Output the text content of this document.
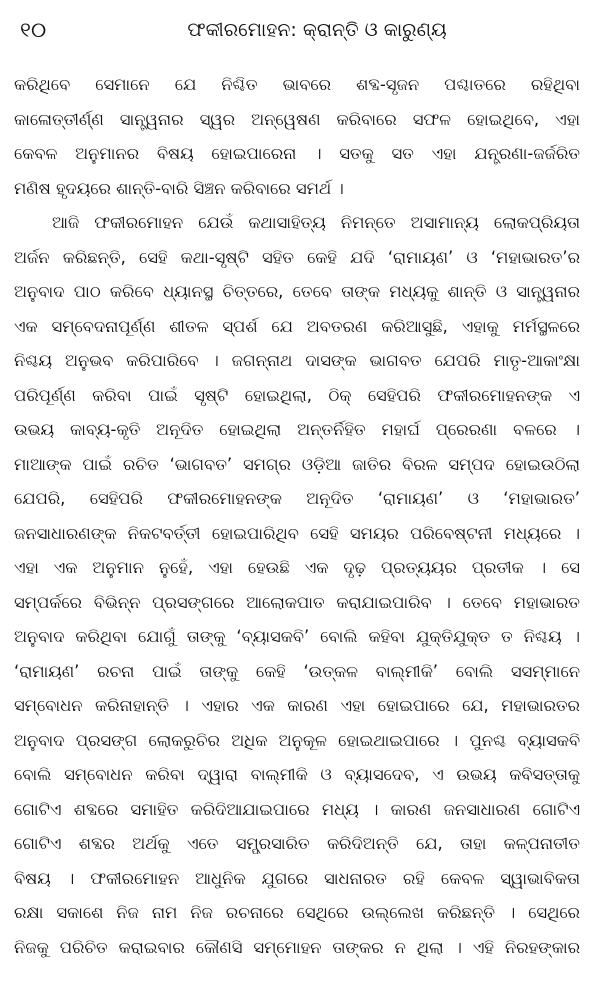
୧୦	ଫକୀରମୋହନ: କ୍ରାନ୍ତି ଓ କାରୁଣ୍ୟ
କରିଥିବେ ସେମାନେ ଯେ ନିଶ୍ଚିତ ଭାବରେ ଶବ୍ଦ-ସୃଜନ ପଶ୍ଚାତରେ ରହିଥିବା
କାଳୋତ୍ତୀର୍ଣ୍ଣ ସାନ୍ତ୍ୱନାର ସ୍ୱର ଅନ୍ୱେଷଣ କରିବାରେ ସଫଳ ହୋଇଥିବେ, ଏହା
କେବଳ ଅନୁମାନର ବିଷୟ ହୋଇପାରେନା । ସତକୁ ସତ ଏହା ଯନ୍ତ୍ରଣା-ଜର୍ଜରିତ
ମଣିଷ ହୃଦୟରେ ଶାନ୍ତି-ବାରି ସିଞ୍ଚନ କରିବାରେ ସମର୍ଥ ।
ଆଜି ଫକୀରମୋହନ ଯେଉଁ କଥାସାହିତ୍ୟ ନିମନ୍ତେ ଅସାମାନ୍ୟ ଲୋକପ୍ରିୟତା
ଅର୍ଜନ କରିଛନ୍ତି, ସେହି କଥା-ସୃଷ୍ଟି ସହିତ କେହି ଯଦି ‘ରାମାୟଣ’ ଓ ‘ମହାଭାରତ’ର
ଅନୁବାଦ ପାଠ କରିବେ ଧ୍ୟାନସ୍ଥ ଚିତ୍ତରେ, ତେବେ ତାଙ୍କ ମଧ୍ୟକୁ ଶାନ୍ତି ଓ ସାନ୍ତ୍ୱନାର
ଏକ ସମ୍ବେଦନାପୂର୍ଣ୍ଣ ଶୀତଳ ସ୍ପର୍ଶ ଯେ ଅବତରଣ କରିଆସୁଛି, ଏହାକୁ ମର୍ମସ୍ଥଳରେ
ନିଶ୍ଚୟ ଅନୁଭବ କରିପାରିବେ । ଜଗନ୍ନାଥ ଦାସଙ୍କ ଭାଗବତ ଯେପରି ମାତୃ-ଆକାଂକ୍ଷା
ପରିପୂର୍ଣ୍ଣ କରିବା ପାଇଁ ସୃଷ୍ଟି ହୋଇଥିଲା, ଠିକ୍ ସେହିପରି ଫକୀରମୋହନଙ୍କ ଏ
ଉଭୟ କାବ୍ୟ-କୃତି ଅନୂଦିତ ହୋଇଥିଲା ଅନ୍ତର୍ନିହିତ ମହାର୍ଘ ପ୍ରେରଣା ବଳରେ ।
ମାଆଙ୍କ ପାଇଁ ରଚିତ ‘ଭାଗବତ’ ସମଗ୍ର ଓଡ଼ିଆ ଜାତିର ବିରଳ ସମ୍ପଦ ହୋଇଉଠିଲା
ଯେପରି, ସେହିପରି ଫକୀରମୋହନଙ୍କ ଅନୂଦିତ ‘ରାମାୟଣ’ ଓ ‘ମହାଭାରତ’
ଜନସାଧାରଣଙ୍କ ନିକଟବର୍ତ୍ତୀ ହୋଇପାରିଥିବ ସେହି ସମୟର ପରିବେଷ୍ଟନୀ ମଧ୍ୟରେ ।
ଏହା ଏକ ଅନୁମାନ ନୁହେଁ, ଏହା ହେଉଛି ଏକ ଦୃଢ଼ ପ୍ରତ୍ୟୟର ପ୍ରତୀକ । ସେ
ସମ୍ପର୍କରେ ବିଭିନ୍ନ ପ୍ରସଙ୍ଗରେ ଆଲୋକପାତ କରାଯାଇପାରିବ । ତେବେ ମହାଭାରତ
ଅନୁବାଦ କରିଥିବା ଯୋଗୁଁ ତାଙ୍କୁ ‘ବ୍ୟାସକବି’ ବୋଲି କହିବା ଯୁକ୍ତିଯୁକ୍ତ ତ ନିଶ୍ଚୟ ।
‘ରାମାୟଣ’ ରଚନା ପାଇଁ ତାଙ୍କୁ କେହି ‘ଉତ୍କଳ ବାଲ୍ମୀକି’ ବୋଲି ସସମ୍ମାନେ
ସମ୍ବୋଧନ କରିନାହାନ୍ତି । ଏହାର ଏକ କାରଣ ଏହା ହୋଇପାରେ ଯେ, ମହାଭାରତର
ଅନୁବାଦ ପ୍ରସଙ୍ଗ ଲୋକରୁଚିର ଅଧିକ ଅନୁକୂଳ ହୋଇଥାଇପାରେ । ପୁନଶ୍ଚ ବ୍ୟାସକବି
ବୋଲି ସମ୍ବୋଧନ କରିବା ଦ୍ୱାରା ବାଲ୍ମୀକି ଓ ବ୍ୟାସଦେବ, ଏ ଉଭୟ କବିସତ୍ତାକୁ
ଗୋଟିଏ ଶବ୍ଦରେ ସମାହିତ କରିଦିଆଯାଇପାରେ ମଧ୍ୟ । କାରଣ ଜନସାଧାରଣ ଗୋଟିଏ
ଗୋଟିଏ ଶବ୍ଦର ଅର୍ଥକୁ ଏତେ ସମ୍ପ୍ରସାରିତ କରିଦିଅନ୍ତି ଯେ, ତାହା କଳ୍ପନାତୀତ
ବିଷୟ । ଫକୀରମୋହନ ଆଧୁନିକ ଯୁଗରେ ସାଧନାରତ ରହି କେବଳ ସ୍ୱାଭାବିକତା
ରକ୍ଷା ସକାଶେ ନିଜ ନାମ ନିଜ ରଚନାରେ ସେଥିରେ ଉଲ୍ଲେଖ କରିଛନ୍ତି । ସେଥିରେ
ନିଜକୁ ପରିଚିତ କରାଇବାର କୌଣସି ସମ୍ମୋହନ ତାଙ୍କର ନ ଥିଲା । ଏହି ନିରହଙ୍କାର
